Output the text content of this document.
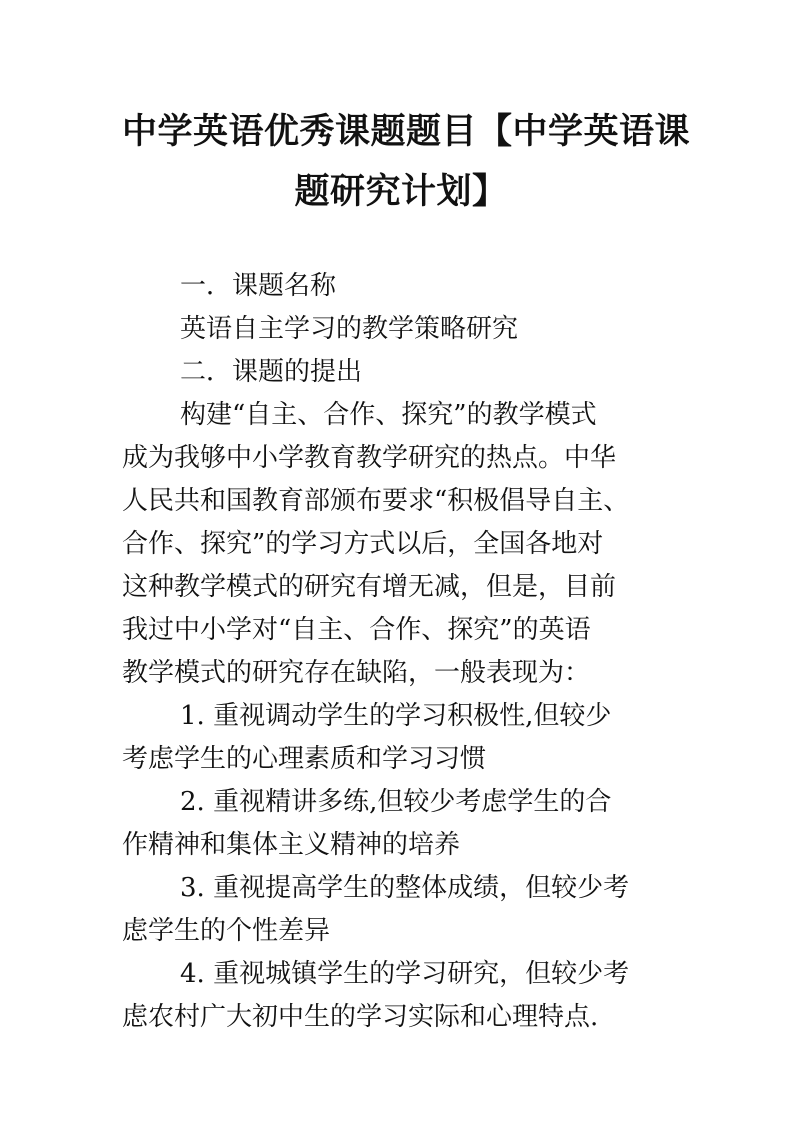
中学英语优秀课题题目【中学英语课
题研究计划】

一．课题名称

英语自主学习的教学策略研究

二．课题的提出

构建“自主、合作、探究”的教学模式

成为我够中小学教育教学研究的热点。中华

人民共和国教育部颁布要求“积极倡导自主、

合作、探究”的学习方式以后，全国各地对

这种教学模式的研究有增无减，但是，目前

我过中小学对“自主、合作、探究”的英语

教学模式的研究存在缺陷，一般表现为：

1. 重视调动学生的学习积极性,但较少

考虑学生的心理素质和学习习惯

2. 重视精讲多练,但较少考虑学生的合

作精神和集体主义精神的培养

3. 重视提高学生的整体成绩，但较少考

虑学生的个性差异

4. 重视城镇学生的学习研究，但较少考

虑农村广大初中生的学习实际和心理特点.
